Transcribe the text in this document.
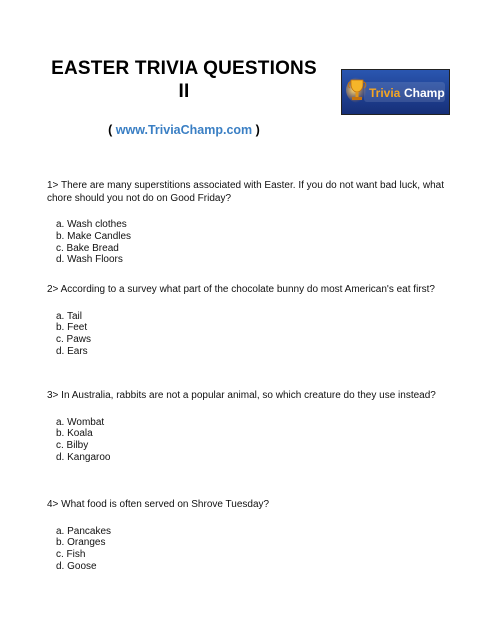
EASTER TRIVIA QUESTIONS
II
( www.TriviaChamp.com )
Trivia Champ
1> There are many superstitions associated with Easter. If you do not want bad luck, what chore should you not do on Good Friday?
a. Wash clothes
b. Make Candles
c. Bake Bread
d. Wash Floors
2> According to a survey what part of the chocolate bunny do most American's eat first?
a. Tail
b. Feet
c. Paws
d. Ears
3> In Australia, rabbits are not a popular animal, so which creature do they use instead?
a. Wombat
b. Koala
c. Bilby
d. Kangaroo
4> What food is often served on Shrove Tuesday?
a. Pancakes
b. Oranges
c. Fish
d. Goose
